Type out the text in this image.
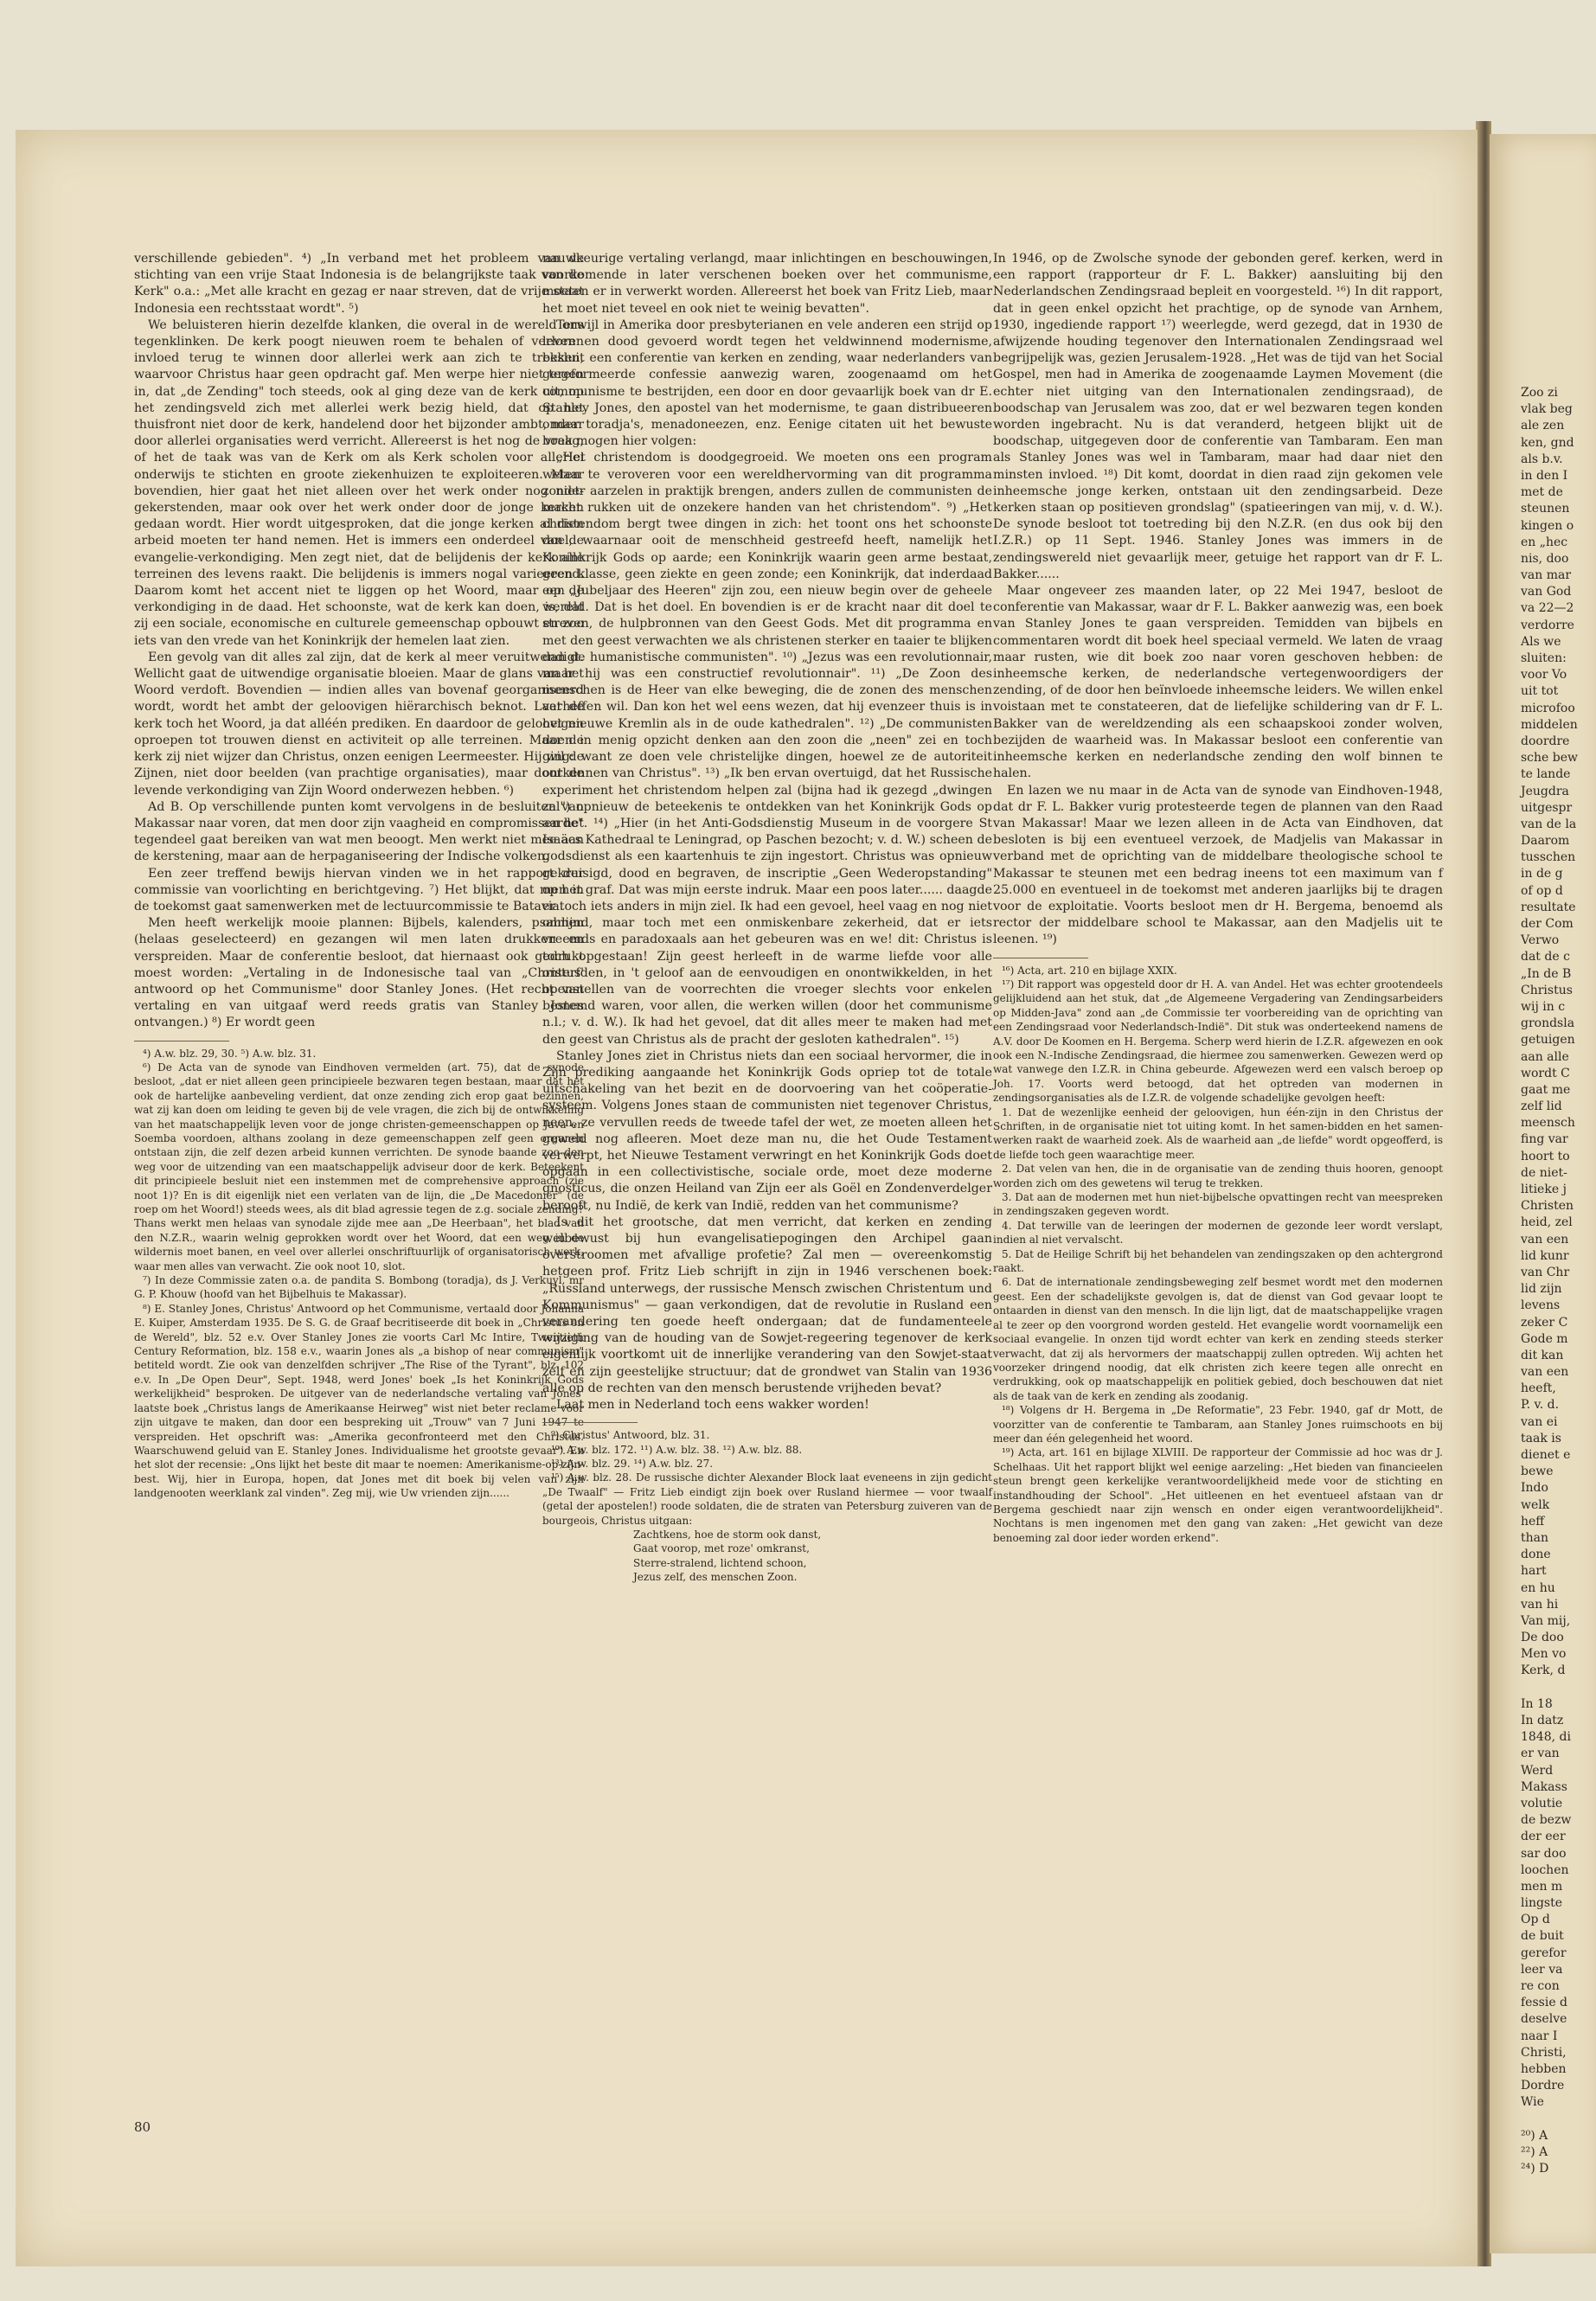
verschillende gebieden". ⁴) „In verband met het probleem van de stichting van een vrije Staat Indonesia is de belangrijkste taak van de Kerk" o.a.: „Met alle kracht en gezag er naar streven, dat de vrije staat Indonesia een rechtsstaat wordt". ⁵)

We beluisteren hierin dezelfde klanken, die overal in de wereld ons tegenklinken. De kerk poogt nieuwen roem te behalen of verloren invloed terug te winnen door allerlei werk aan zich te trekken, waarvoor Christus haar geen opdracht gaf. Men werpe hier niet tegen in, dat „de Zending" toch steeds, ook al ging deze van de kerk uit, op het zendingsveld zich met allerlei werk bezig hield, dat op het thuisfront niet door de kerk, handelend door het bijzonder ambt, maar door allerlei organisaties werd verricht. Allereerst is het nog de vraag, of het de taak was van de Kerk om als Kerk scholen voor allerlei onderwijs te stichten en groote ziekenhuizen te exploiteeren. Maar bovendien, hier gaat het niet alleen over het werk onder nog niet-gekerstenden, maar ook over het werk onder door de jonge kerken gedaan wordt. Hier wordt uitgesproken, dat die jonge kerken al dien arbeid moeten ter hand nemen. Het is immers een onderdeel van de evangelie-verkondiging. Men zegt niet, dat de belijdenis der kerk alle terreinen des levens raakt. Die belijdenis is immers nogal varieerend. Daarom komt het accent niet te liggen op het Woord, maar op de verkondiging in de daad. Het schoonste, wat de kerk kan doen, is, dat zij een sociale, economische en culturele gemeenschap opbouwt en zoo iets van den vrede van het Koninkrijk der hemelen laat zien.

Een gevolg van dit alles zal zijn, dat de kerk al meer veruitwendigt. Wellicht gaat de uitwendige organisatie bloeien. Maar de glans van het Woord verdoft. Bovendien — indien alles van bovenaf georganiseerd wordt, wordt het ambt der geloovigen hiërarchisch beknot. Laat de kerk toch het Woord, ja dat alléén prediken. En daardoor de geloovigen oproepen tot trouwen dienst en activiteit op alle terreinen. Maar de kerk zij niet wijzer dan Christus, onzen eenigen Leermeester. Hij wil de Zijnen, niet door beelden (van prachtige organisaties), maar door de levende verkondiging van Zijn Woord onderwezen hebben. ⁶)

Ad B. Op verschillende punten komt vervolgens in de besluiten van Makassar naar voren, dat men door zijn vaagheid en compromissen het tegendeel gaat bereiken van wat men beoogt. Men werkt niet mee aan de kerstening, maar aan de herpaganiseering der Indische volken.

Een zeer treffend bewijs hiervan vinden we in het rapport der commissie van voorlichting en berichtgeving. ⁷) Het blijkt, dat men in de toekomst gaat samenwerken met de lectuurcommissie te Batavia.

Men heeft werkelijk mooie plannen: Bijbels, kalenders, psalmen (helaas geselecteerd) en gezangen wil men laten drukken en verspreiden. Maar de conferentie besloot, dat hiernaast ook gedrukt moest worden: „Vertaling in de Indonesische taal van „Christus' antwoord op het Communisme" door Stanley Jones. (Het recht van vertaling en van uitgaaf werd reeds gratis van Stanley Jones ontvangen.) ⁸) Er wordt geen

⁴) A.w. blz. 29, 30. ⁵) A.w. blz. 31.

⁶) De Acta van de synode van Eindhoven vermelden (art. 75), dat de synode besloot, „dat er niet alleen geen principieele bezwaren tegen bestaan, maar dat het ook de hartelijke aanbeveling verdient, dat onze zending zich erop gaat bezinnen, wat zij kan doen om leiding te geven bij de vele vragen, die zich bij de ontwikkeling van het maatschappelijk leven voor de jonge christen-gemeenschappen op Java en Soemba voordoen, althans zoolang in deze gemeenschappen zelf geen organen ontstaan zijn, die zelf dezen arbeid kunnen verrichten. De synode baande zoo den weg voor de uitzending van een maatschappelijk adviseur door de kerk. Beteekent dit principieele besluit niet een instemmen met de comprehensive approach (zie noot 1)? En is dit eigenlijk niet een verlaten van de lijn, die „De Macedoniër" (de roep om het Woord!) steeds wees, als dit blad agressie tegen de z.g. sociale zending? Thans werkt men helaas van synodale zijde mee aan „De Heerbaan", het blad van den N.Z.R., waarin welnig geprokken wordt over het Woord, dat een weg in de wildernis moet banen, en veel over allerlei onschriftuurlijk of organisatorisch werk, waar men alles van verwacht. Zie ook noot 10, slot.

⁷) In deze Commissie zaten o.a. de pandita S. Bombong (toradja), ds J. Verkuyl, mr G. P. Khouw (hoofd van het Bijbelhuis te Makassar).

⁸) E. Stanley Jones, Christus' Antwoord op het Communisme, vertaald door Johanna E. Kuiper, Amsterdam 1935. De S. G. de Graaf becritiseerde dit boek in „Christus en de Wereld", blz. 52 e.v. Over Stanley Jones zie voorts Carl Mc Intire, Twentieth Century Reformation, blz. 158 e.v., waarin Jones als „a bishop of near communism" betiteld wordt. Zie ook van denzelfden schrijver „The Rise of the Tyrant", blz. 102 e.v. In „De Open Deur", Sept. 1948, werd Jones' boek „Is het Koninkrijk Gods werkelijkheid" besproken. De uitgever van de nederlandsche vertaling van Jones' laatste boek „Christus langs de Amerikaanse Heirweg" wist niet beter reclame voor zijn uitgave te maken, dan door een bespreking uit „Trouw" van 7 Juni 1947 te verspreiden. Het opschrift was: „Amerika geconfronteerd met den Christus. Waarschuwend geluid van E. Stanley Jones. Individualisme het grootste gevaar". En het slot der recensie: „Ons lijkt het beste dit maar te noemen: Amerikanisme-op-zijn-best. Wij, hier in Europa, hopen, dat Jones met dit boek bij velen van zijn landgenooten weerklank zal vinden". Zeg mij, wie Uw vrienden zijn......

nauwkeurige vertaling verlangd, maar inlichtingen en beschouwingen, voorkomende in later verschenen boeken over het communisme, moeten er in verwerkt worden. Allereerst het boek van Fritz Lieb, maar het moet niet teveel en ook niet te weinig bevatten".

Terwijl in Amerika door presbyterianen en vele anderen een strijd op leven en dood gevoerd wordt tegen het veldwinnend modernisme, besluit een conferentie van kerken en zending, waar nederlanders van gereformeerde confessie aanwezig waren, zoogenaamd om het communisme te bestrijden, een door en door gevaarlijk boek van dr E. Stanley Jones, den apostel van het modernisme, te gaan distribueeren onder toradja's, menadoneezen, enz. Eenige citaten uit het bewuste boek mogen hier volgen:

„Het christendom is doodgegroeid. We moeten ons een program weten te veroveren voor een wereldhervorming van dit programma zonder aarzelen in praktijk brengen, anders zullen de communisten de macht rukken uit de onzekere handen van het christendom". ⁹) „Het christendom bergt twee dingen in zich: het toont ons het schoonste doel, waarnaar ooit de menschheid gestreefd heeft, namelijk het Koninkrijk Gods op aarde; een Koninkrijk waarin geen arme bestaat, geen klasse, geen ziekte en geen zonde; een Koninkrijk, dat inderdaad een „Jubeljaar des Heeren" zijn zou, een nieuw begin over de geheele wereld. Dat is het doel. En bovendien is er de kracht naar dit doel te streven, de hulpbronnen van den Geest Gods. Met dit programma en met den geest verwachten we als christenen sterker en taaier te blijken dan de humanistische communisten". ¹⁰) „Jezus was een revolutionnair, maar hij was een constructief revolutionnair". ¹¹) „De Zoon des menschen is de Heer van elke beweging, die de zonen des menschen verheffen wil. Dan kon het wel eens wezen, dat hij evenzeer thuis is in het nieuwe Kremlin als in de oude kathedralen". ¹²) „De communisten doen in menig opzicht denken aan den zoon die „neen" zei en toch ging: want ze doen vele christelijke dingen, hoewel ze de autoriteit ontkennen van Christus". ¹³) „Ik ben ervan overtuigd, dat het Russische experiment het christendom helpen zal (bijna had ik gezegd „dwingen zal") opnieuw de beteekenis te ontdekken van het Koninkrijk Gods op aarde". ¹⁴) „Hier (in het Anti-Godsdienstig Museum in de voorgere St Isaäcs Kathedraal te Leningrad, op Paschen bezocht; v. d. W.) scheen de godsdienst als een kaartenhuis te zijn ingestort. Christus was opnieuw gekruisigd, dood en begraven, de inscriptie „Geen Wederopstanding" op het graf. Dat was mijn eerste indruk. Maar een poos later...... daagde er toch iets anders in mijn ziel. Ik had een gevoel, heel vaag en nog niet omlijnd, maar toch met een onmiskenbare zekerheid, dat er iets vreemds en paradoxaals aan het gebeuren was en we! dit: Christus is toch opgestaan! Zijn geest herleeft in de warme liefde voor alle onterfden, in 't geloof aan de eenvoudigen en onontwikkelden, in het openstellen van de voorrechten die vroeger slechts voor enkelen bestemd waren, voor allen, die werken willen (door het communisme n.l.; v. d. W.). Ik had het gevoel, dat dit alles meer te maken had met den geest van Christus als de pracht der gesloten kathedralen". ¹⁵)

Stanley Jones ziet in Christus niets dan een sociaal hervormer, die in Zijn prediking aangaande het Koninkrijk Gods opriep tot de totale uitschakeling van het bezit en de doorvoering van het coöperatie-systeem. Volgens Jones staan de communisten niet tegenover Christus, neen, ze vervullen reeds de tweede tafel der wet, ze moeten alleen het geweld nog afleeren. Moet deze man nu, die het Oude Testament verwerpt, het Nieuwe Testament verwringt en het Koninkrijk Gods doet opgaan in een collectivistische, sociale orde, moet deze moderne gnosticus, die onzen Heiland van Zijn eer als Goël en Zondenverdelger berooft, nu Indië, de kerk van Indië, redden van het communisme?

Is dit het grootsche, dat men verricht, dat kerken en zending welbewust bij hun evangelisatiepogingen den Archipel gaan overstroomen met afvallige profetie? Zal men — overeenkomstig hetgeen prof. Fritz Lieb schrijft in zijn in 1946 verschenen boek: „Russland unterwegs, der russische Mensch zwischen Christentum und Kommunismus" — gaan verkondigen, dat de revolutie in Rusland een verandering ten goede heeft ondergaan; dat de fundamenteele wijziging van de houding van de Sowjet-regeering tegenover de kerk eigenlijk voortkomt uit de innerlijke verandering van den Sowjet-staat zelf en zijn geestelijke structuur; dat de grondwet van Stalin van 1936 alle op de rechten van den mensch berustende vrijheden bevat?

Laat men in Nederland toch eens wakker worden!

⁹) Christus' Antwoord, blz. 31.

¹⁰) A.w. blz. 172. ¹¹) A.w. blz. 38. ¹²) A.w. blz. 88.

¹³) A.w. blz. 29. ¹⁴) A.w. blz. 27.

¹⁵) A.w. blz. 28. De russische dichter Alexander Block laat eveneens in zijn gedicht „De Twaalf" — Fritz Lieb eindigt zijn boek over Rusland hiermee — voor twaalf (getal der apostelen!) roode soldaten, die de straten van Petersburg zuiveren van de bourgeois, Christus uitgaan:

Zachtkens, hoe de storm ook danst,
Gaat voorop, met roze' omkranst,
Sterre-stralend, lichtend schoon,
Jezus zelf, des menschen Zoon.

In 1946, op de Zwolsche synode der gebonden geref. kerken, werd in een rapport (rapporteur dr F. L. Bakker) aansluiting bij den Nederlandschen Zendingsraad bepleit en voorgesteld. ¹⁶) In dit rapport, dat in geen enkel opzicht het prachtige, op de synode van Arnhem, 1930, ingediende rapport ¹⁷) weerlegde, werd gezegd, dat in 1930 de afwijzende houding tegenover den Internationalen Zendingsraad wel begrijpelijk was, gezien Jerusalem-1928. „Het was de tijd van het Social Gospel, men had in Amerika de zoogenaamde Laymen Movement (die echter niet uitging van den Internationalen zendingsraad), de boodschap van Jerusalem was zoo, dat er wel bezwaren tegen konden worden ingebracht. Nu is dat veranderd, hetgeen blijkt uit de boodschap, uitgegeven door de conferentie van Tambaram. Een man als Stanley Jones was wel in Tambaram, maar had daar niet den minsten invloed. ¹⁸) Dit komt, doordat in dien raad zijn gekomen vele inheemsche jonge kerken, ontstaan uit den zendingsarbeid. Deze kerken staan op positieven grondslag" (spatieeringen van mij, v. d. W.). De synode besloot tot toetreding bij den N.Z.R. (en dus ook bij den I.Z.R.) op 11 Sept. 1946. Stanley Jones was immers in de zendingswereld niet gevaarlijk meer, getuige het rapport van dr F. L. Bakker......

Maar ongeveer zes maanden later, op 22 Mei 1947, besloot de conferentie van Makassar, waar dr F. L. Bakker aanwezig was, een boek van Stanley Jones te gaan verspreiden. Temidden van bijbels en commentaren wordt dit boek heel speciaal vermeld. We laten de vraag maar rusten, wie dit boek zoo naar voren geschoven hebben: de inheemsche kerken, de nederlandsche vertegenwoordigers der zending, of de door hen beïnvloede inheemsche leiders. We willen enkel voistaan met te constateeren, dat de liefelijke schildering van dr F. L. Bakker van de wereldzending als een schaapskooi zonder wolven, bezijden de waarheid was. In Makassar besloot een conferentie van inheemsche kerken en nederlandsche zending den wolf binnen te halen.

En lazen we nu maar in de Acta van de synode van Eindhoven-1948, dat dr F. L. Bakker vurig protesteerde tegen de plannen van den Raad van Makassar! Maar we lezen alleen in de Acta van Eindhoven, dat besloten is bij een eventueel verzoek, de Madjelis van Makassar in verband met de oprichting van de middelbare theologische school te Makassar te steunen met een bedrag ineens tot een maximum van f 25.000 en eventueel in de toekomst met anderen jaarlijks bij te dragen voor de exploitatie. Voorts besloot men dr H. Bergema, benoemd als rector der middelbare school te Makassar, aan den Madjelis uit te leenen. ¹⁹)

¹⁶) Acta, art. 210 en bijlage XXIX.

¹⁷) Dit rapport was opgesteld door dr H. A. van Andel. Het was echter grootendeels gelijkluidend aan het stuk, dat „de Algemeene Vergadering van Zendingsarbeiders op Midden-Java" zond aan „de Commissie ter voorbereiding van de oprichting van een Zendingsraad voor Nederlandsch-Indië". Dit stuk was onderteekend namens de A.V. door De Koomen en H. Bergema. Scherp werd hierin de I.Z.R. afgewezen en ook ook een N.-Indische Zendingsraad, die hiermee zou samenwerken. Gewezen werd op wat vanwege den I.Z.R. in China gebeurde. Afgewezen werd een valsch beroep op Joh. 17. Voorts werd betoogd, dat het optreden van modernen in zendingsorganisaties als de I.Z.R. de volgende schadelijke gevolgen heeft:

1. Dat de wezenlijke eenheid der geloovigen, hun één-zijn in den Christus der Schriften, in de organisatie niet tot uiting komt. In het samen-bidden en het samen-werken raakt de waarheid zoek. Als de waarheid aan „de liefde" wordt opgeofferd, is de liefde toch geen waarachtige meer.

2. Dat velen van hen, die in de organisatie van de zending thuis hooren, genoopt worden zich om des gewetens wil terug te trekken.

3. Dat aan de modernen met hun niet-bijbelsche opvattingen recht van meespreken in zendingszaken gegeven wordt.

4. Dat terwille van de leeringen der modernen de gezonde leer wordt verslapt, indien al niet vervalscht.

5. Dat de Heilige Schrift bij het behandelen van zendingszaken op den achtergrond raakt.

6. Dat de internationale zendingsbeweging zelf besmet wordt met den modernen geest. Een der schadelijkste gevolgen is, dat de dienst van God gevaar loopt te ontaarden in dienst van den mensch. In die lijn ligt, dat de maatschappelijke vragen al te zeer op den voorgrond worden gesteld. Het evangelie wordt voornamelijk een sociaal evangelie. In onzen tijd wordt echter van kerk en zending steeds sterker verwacht, dat zij als hervormers der maatschappij zullen optreden. Wij achten het voorzeker dringend noodig, dat elk christen zich keere tegen alle onrecht en verdrukking, ook op maatschappelijk en politiek gebied, doch beschouwen dat niet als de taak van de kerk en zending als zoodanig.

¹⁸) Volgens dr H. Bergema in „De Reformatie", 23 Febr. 1940, gaf dr Mott, de voorzitter van de conferentie te Tambaram, aan Stanley Jones ruimschoots en bij meer dan één gelegenheid het woord.

¹⁹) Acta, art. 161 en bijlage XLVIII. De rapporteur der Commissie ad hoc was dr J. Schelhaas. Uit het rapport blijkt wel eenige aarzeling: „Het bieden van financieelen steun brengt geen kerkelijke verantwoordelijkheid mede voor de stichting en instandhouding der School". „Het uitleenen en het eventueel afstaan van dr Bergema geschiedt naar zijn wensch en onder eigen verantwoordelijkheid". Nochtans is men ingenomen met den gang van zaken: „Het gewicht van deze benoeming zal door ieder worden erkend".

80
Zoo zi
vlak beg
ale zen
ken, gnd
als b.v.
in den I
met de
steunen
kingen o
en „hec
nis, doo
van mar
van God
va 22—2
verdorre
Als we
sluiten:
voor Vo
uit tot
microfoo
middelen
doordre
sche bew
te lande
Jeugdra
uitgespr
van de la
Daarom
tusschen
in de g
of op d
resultate
der Com
Verwo
dat de c
„In de B
Christus
wij in c
grondsla
getuigen
aan alle
wordt C
gaat me
zelf lid
meensch
fing var
hoort to
de niet-
litieke j
Christen
heid, zel
van een
lid kunr
van Chr
lid zijn
levens
zeker C
Gode m
dit kan
van een
heeft,
P. v. d.
van ei
taak is
dienet e
bewe
Indo
welk
heff
than
done
hart
en hu
van hi
Van mij,
De doo
Men vo
Kerk, d
In 18
In datz
1848, di
er van
Werd
Makass
volutie
de bezw
der eer
sar doo
loochen
men m
lingste
Op d
de buit
gerefor
leer va
re con
fessie d
deselve
naar I
Christi,
hebben
Dordre
Wie
²⁰) A
²²) A
²⁴) D
